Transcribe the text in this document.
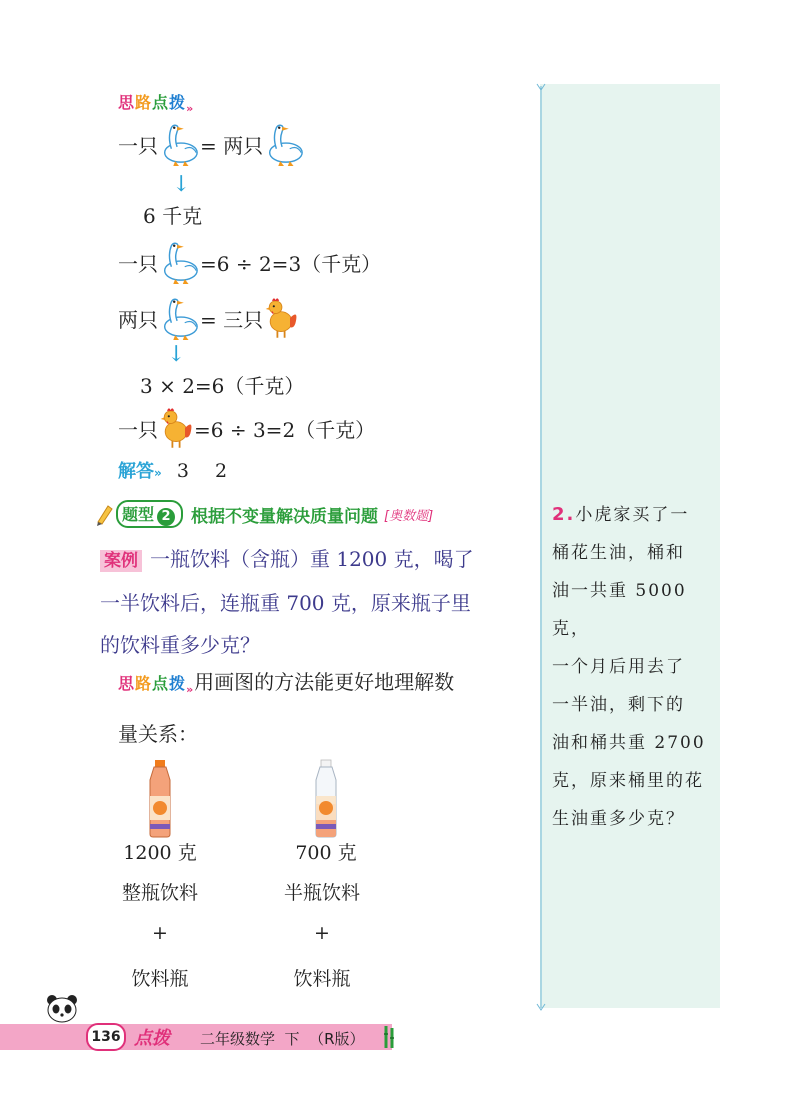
思路点拨$_»$
一只 = 两只
↓
6 千克
一只 =6 ÷ 2=3（千克）
两只 = 三只
↓
3 × 2=6（千克）
一只 =6 ÷ 3=2（千克）
解答» 3 2
题型 2	根据不变量解决质量问题 [奥数题]
案例 一瓶饮料（含瓶）重 1200 克，喝了
一半饮料后，连瓶重 700 克，原来瓶子里
的饮料重多少克？
思路点拨$_»$用画图的方法能更好地理解数
量关系：
1200 克
整瓶饮料
+
饮料瓶
700 克
半瓶饮料
+
饮料瓶
2.小虎家买了一
桶花生油，桶和
油一共重 5000 克，
一个月后用去了
一半油，剩下的
油和桶共重 2700
克，原来桶里的花
生油重多少克？
136 点拨 二年级数学  下  （R版）
